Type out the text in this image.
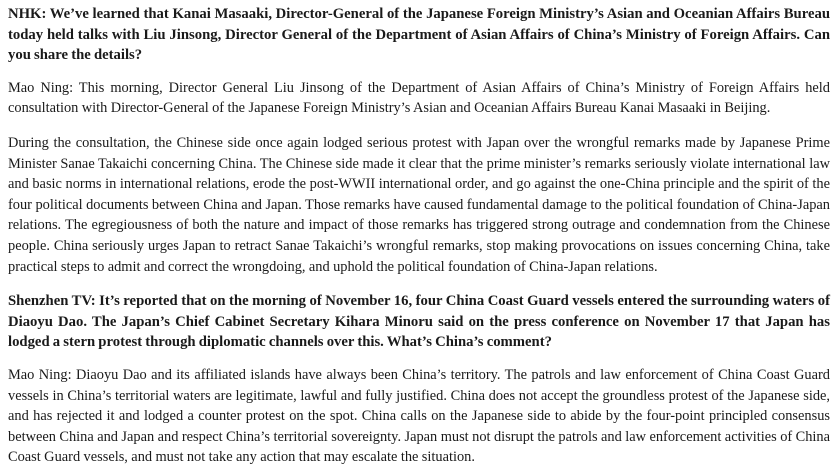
NHK: We’ve learned that Kanai Masaaki, Director-General of the Japanese Foreign Ministry’s Asian and Oceanian Affairs Bureau today held talks with Liu Jinsong, Director General of the Department of Asian Affairs of China’s Ministry of Foreign Affairs. Can you share the details?

Mao Ning: This morning, Director General Liu Jinsong of the Department of Asian Affairs of China’s Ministry of Foreign Affairs held consultation with Director-General of the Japanese Foreign Ministry’s Asian and Oceanian Affairs Bureau Kanai Masaaki in Beijing.

During the consultation, the Chinese side once again lodged serious protest with Japan over the wrongful remarks made by Japanese Prime Minister Sanae Takaichi concerning China. The Chinese side made it clear that the prime minister’s remarks seriously violate international law and basic norms in international relations, erode the post-WWII international order, and go against the one-China principle and the spirit of the four political documents between China and Japan. Those remarks have caused fundamental damage to the political foundation of China-Japan relations. The egregiousness of both the nature and impact of those remarks has triggered strong outrage and condemnation from the Chinese people. China seriously urges Japan to retract Sanae Takaichi’s wrongful remarks, stop making provocations on issues concerning China, take practical steps to admit and correct the wrongdoing, and uphold the political foundation of China-Japan relations.

Shenzhen TV: It’s reported that on the morning of November 16, four China Coast Guard vessels entered the surrounding waters of Diaoyu Dao. The Japan’s Chief Cabinet Secretary Kihara Minoru said on the press conference on November 17 that Japan has lodged a stern protest through diplomatic channels over this. What’s China’s comment?

Mao Ning: Diaoyu Dao and its affiliated islands have always been China’s territory. The patrols and law enforcement of China Coast Guard vessels in China’s territorial waters are legitimate, lawful and fully justified. China does not accept the groundless protest of the Japanese side, and has rejected it and lodged a counter protest on the spot. China calls on the Japanese side to abide by the four-point principled consensus between China and Japan and respect China’s territorial sovereignty. Japan must not disrupt the patrols and law enforcement activities of China Coast Guard vessels, and must not take any action that may escalate the situation.
